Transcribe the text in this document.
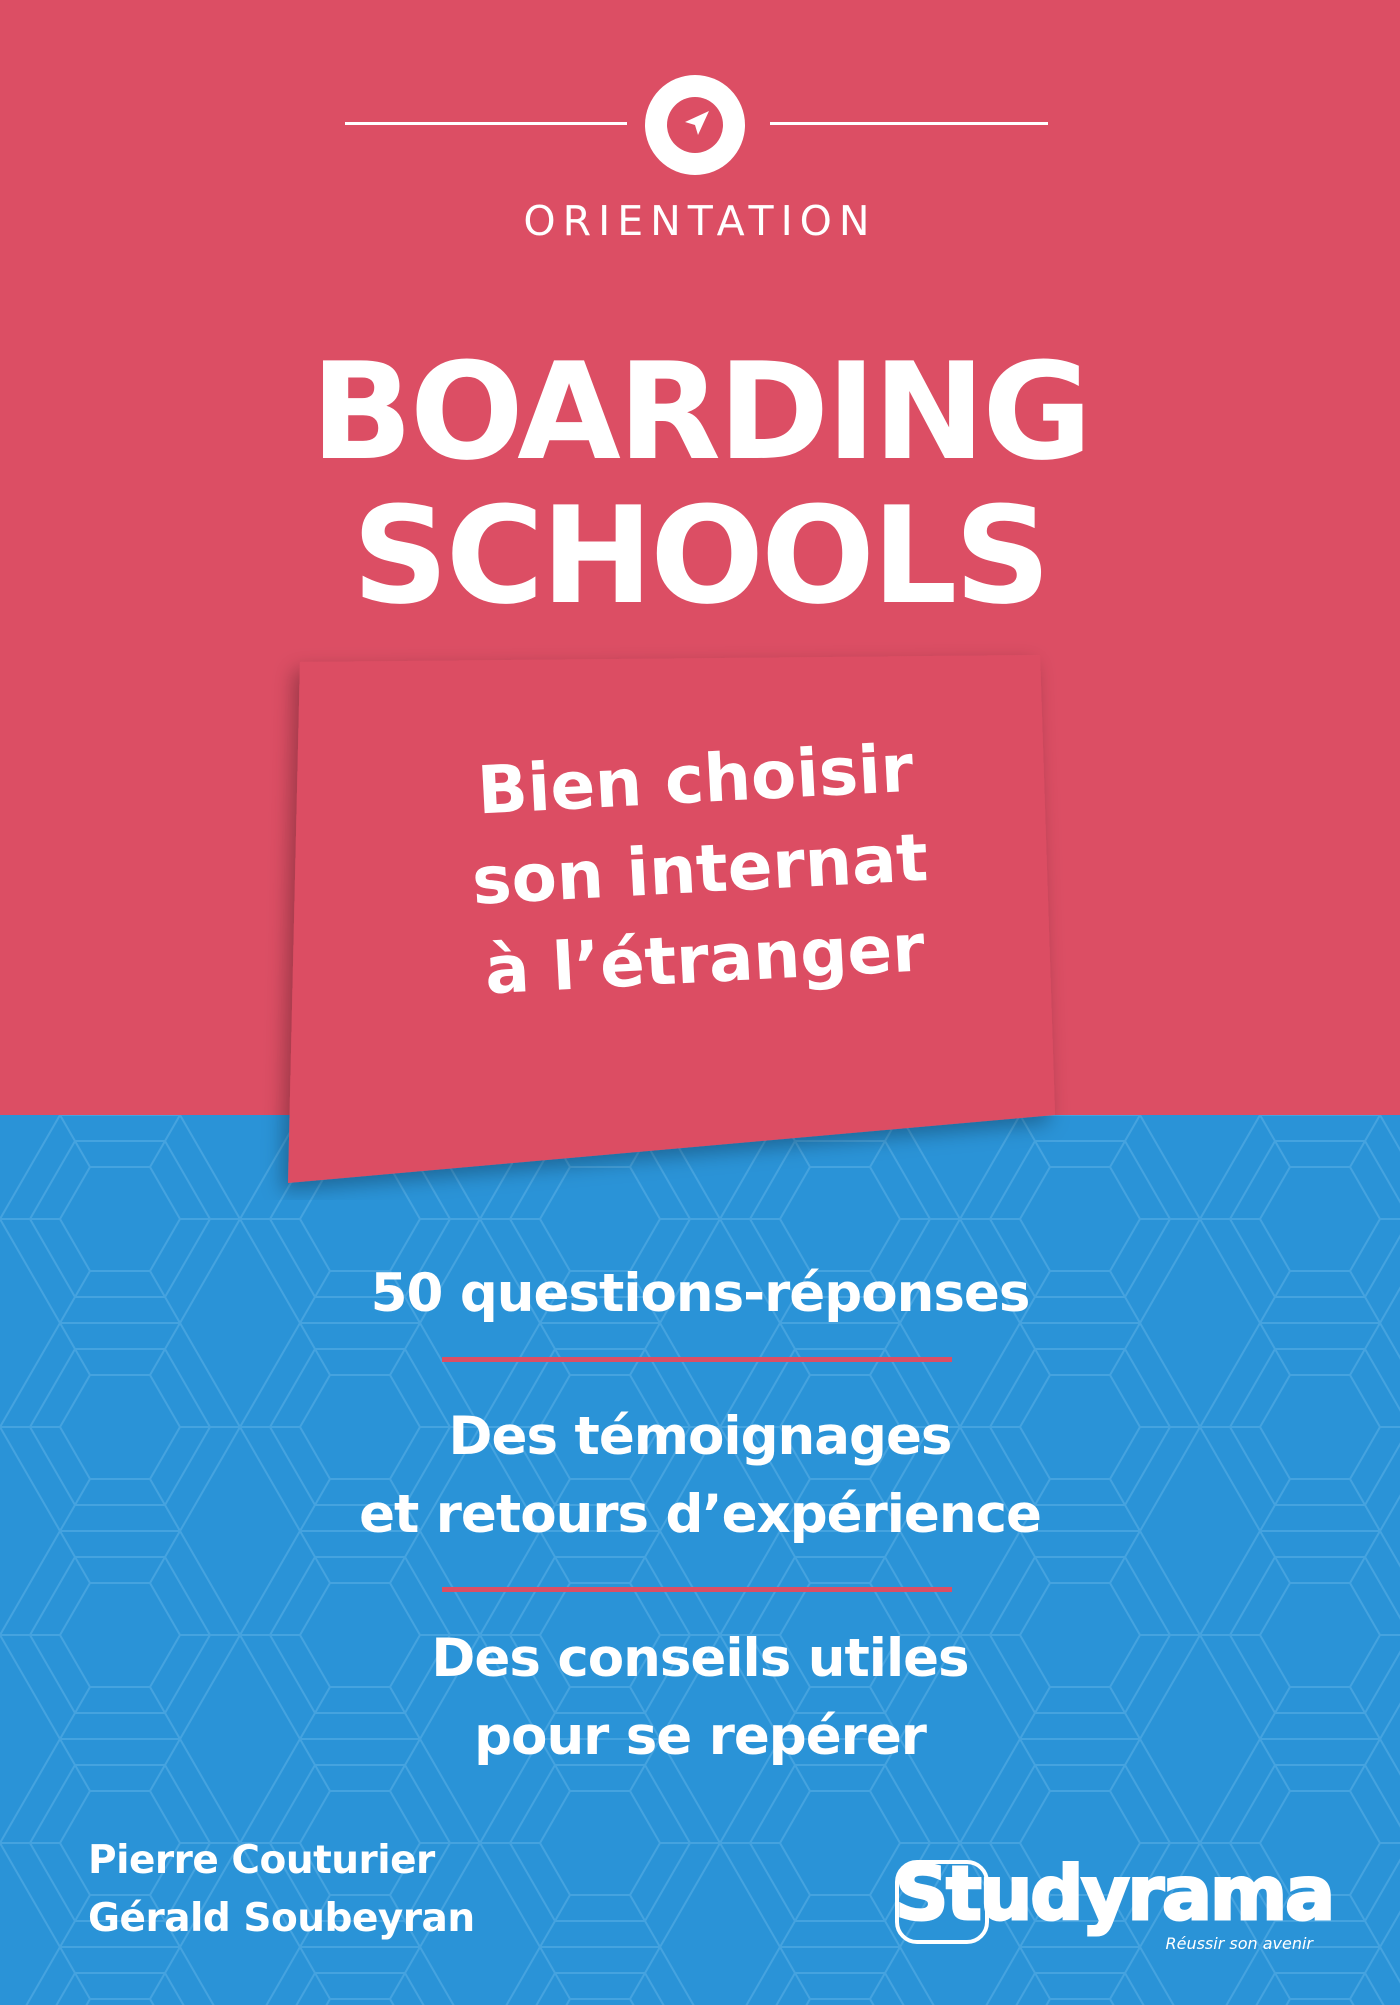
ORIENTATION
BOARDING
SCHOOLS
Bien choisir
son internat
à l’étranger
50 questions-réponses
Des témoignages
et retours d’expérience
Des conseils utiles
pour se repérer
Pierre Couturier
Gérald Soubeyran	Studyrama
Réussir son avenir
